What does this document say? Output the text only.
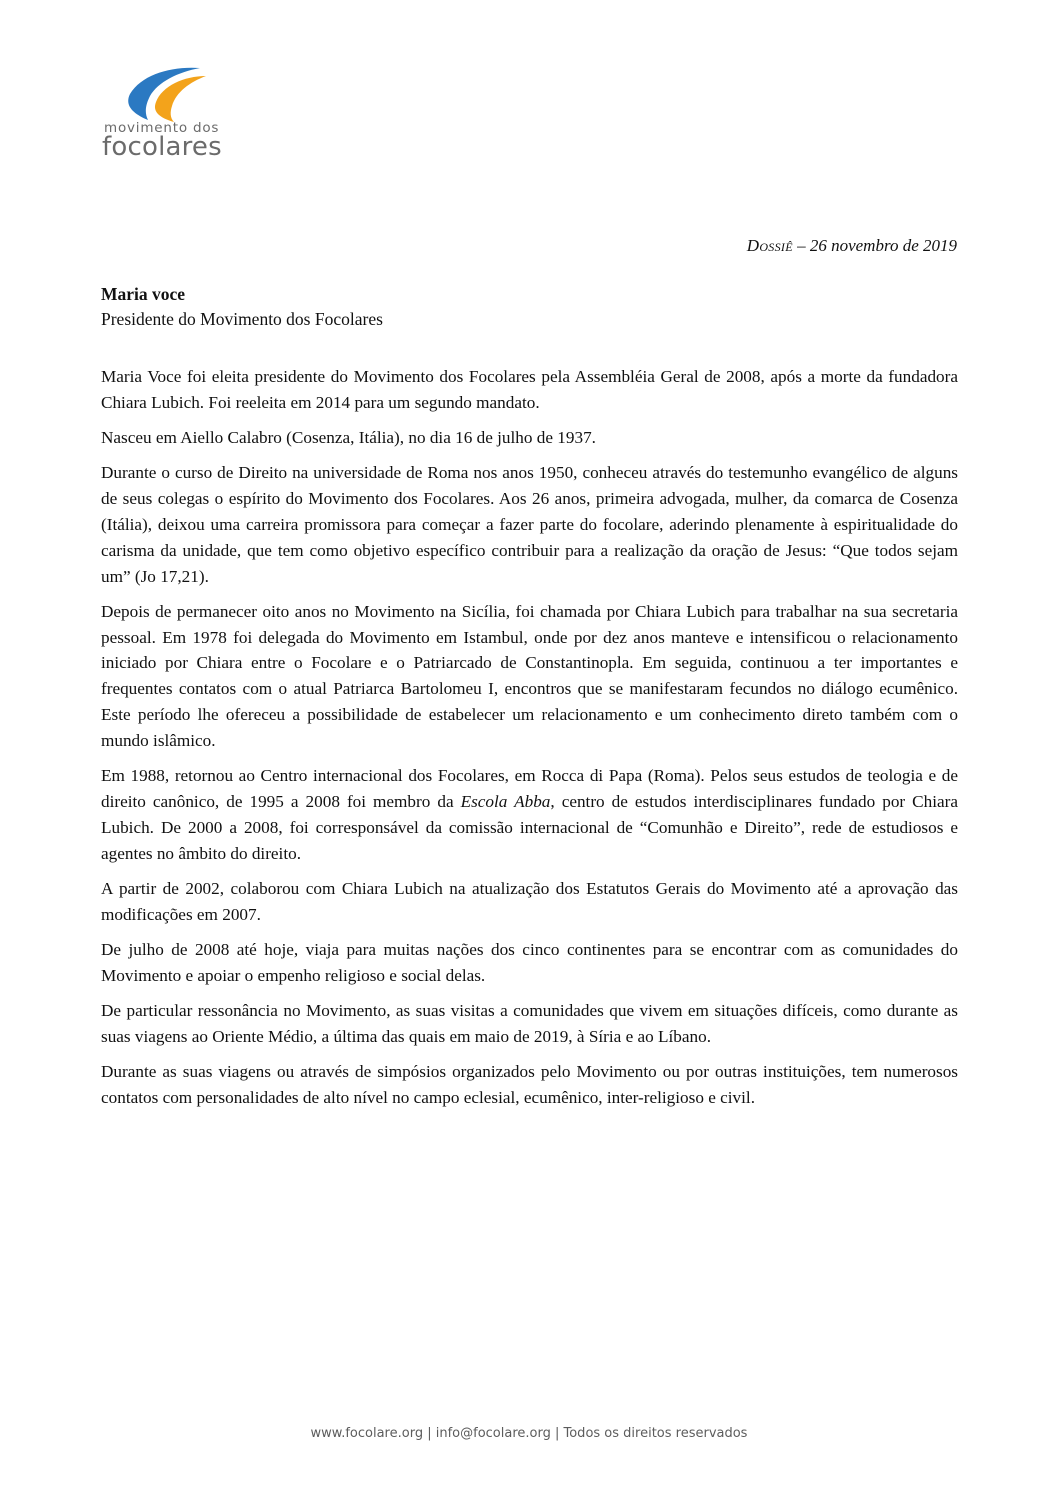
movimento dos
focolares
Dossiê – 26 novembro de 2019
Maria voce
Presidente do Movimento dos Focolares

Maria Voce foi eleita presidente do Movimento dos Focolares pela Assembléia Geral de 2008, após a morte da fundadora Chiara Lubich. Foi reeleita em 2014 para um segundo mandato.

Nasceu em Aiello Calabro (Cosenza, Itália), no dia 16 de julho de 1937.

Durante o curso de Direito na universidade de Roma nos anos 1950, conheceu através do testemunho evangélico de alguns de seus colegas o espírito do Movimento dos Focolares. Aos 26 anos, primeira advogada, mulher, da comarca de Cosenza (Itália), deixou uma carreira promissora para começar a fazer parte do focolare, aderindo plenamente à espiritualidade do carisma da unidade, que tem como objetivo específico contribuir para a realização da oração de Jesus: “Que todos sejam um” (Jo 17,21).

Depois de permanecer oito anos no Movimento na Sicília, foi chamada por Chiara Lubich para trabalhar na sua secretaria pessoal. Em 1978 foi delegada do Movimento em Istambul, onde por dez anos manteve e intensificou o relacionamento iniciado por Chiara entre o Focolare e o Patriarcado de Constantinopla. Em seguida, continuou a ter importantes e frequentes contatos com o atual Patriarca Bartolomeu I, encontros que se manifestaram fecundos no diálogo ecumênico. Este período lhe ofereceu a possibilidade de estabelecer um relacionamento e um conhecimento direto também com o mundo islâmico.

Em 1988, retornou ao Centro internacional dos Focolares, em Rocca di Papa (Roma). Pelos seus estudos de teologia e de direito canônico, de 1995 a 2008 foi membro da Escola Abba, centro de estudos interdisciplinares fundado por Chiara Lubich. De 2000 a 2008, foi corresponsável da comissão internacional de “Comunhão e Direito”, rede de estudiosos e agentes no âmbito do direito.

A partir de 2002, colaborou com Chiara Lubich na atualização dos Estatutos Gerais do Movimento até a aprovação das modificações em 2007.

De julho de 2008 até hoje, viaja para muitas nações dos cinco continentes para se encontrar com as comunidades do Movimento e apoiar o empenho religioso e social delas.

De particular ressonância no Movimento, as suas visitas a comunidades que vivem em situações difíceis, como durante as suas viagens ao Oriente Médio, a última das quais em maio de 2019, à Síria e ao Líbano.

Durante as suas viagens ou através de simpósios organizados pelo Movimento ou por outras instituições, tem numerosos contatos com personalidades de alto nível no campo eclesial, ecumênico, inter-religioso e civil.

www.focolare.org | info@focolare.org | Todos os direitos reservados
